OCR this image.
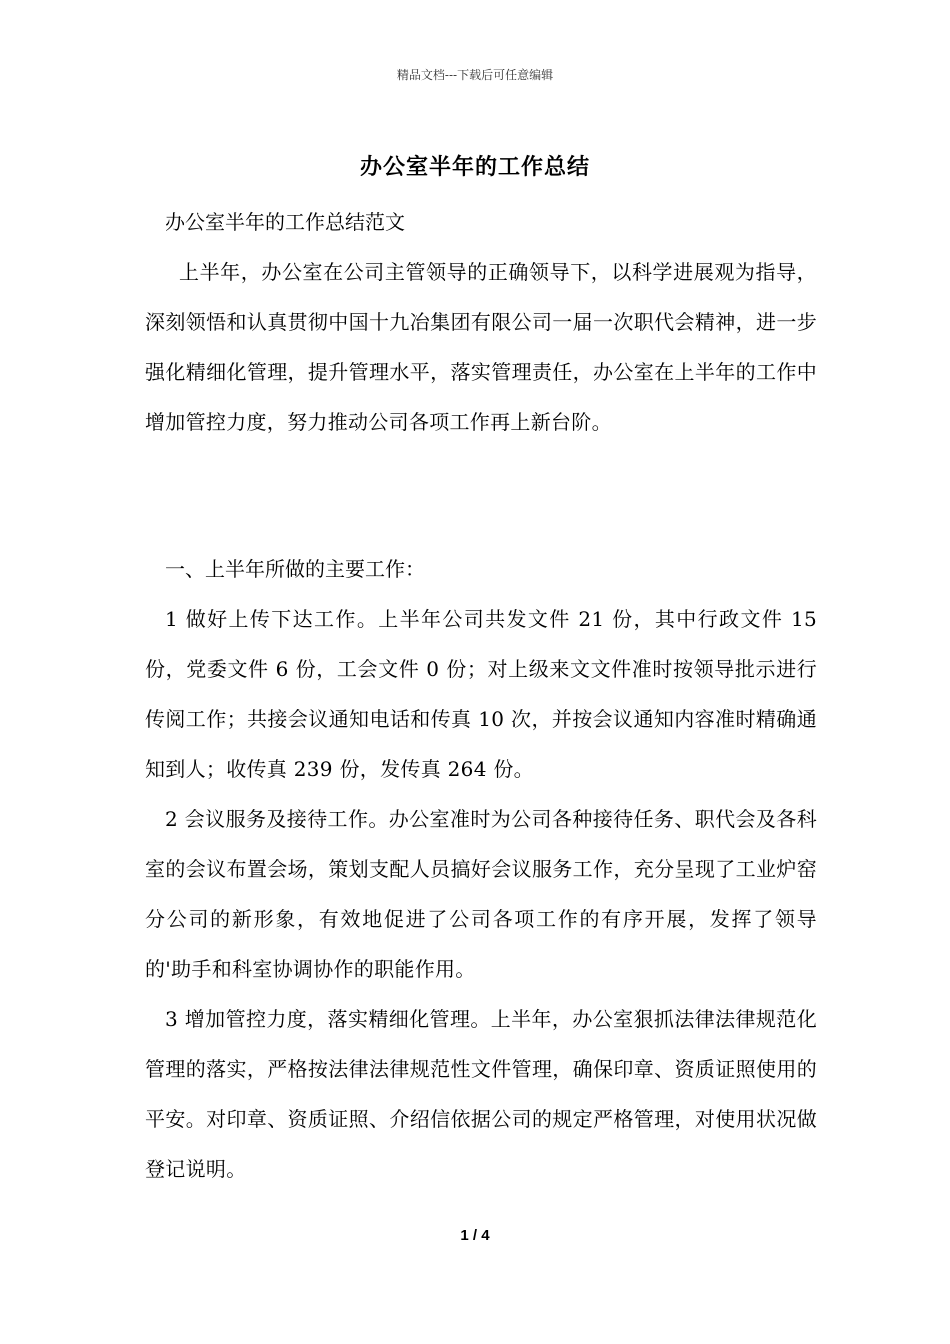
精品文档---下载后可任意编辑
办公室半年的工作总结
办公室半年的工作总结范文
上半年，办公室在公司主管领导的正确领导下，以科学进展观为指导，深刻领悟和认真贯彻中国十九冶集团有限公司一届一次职代会精神，进一步强化精细化管理，提升管理水平，落实管理责任，办公室在上半年的工作中增加管控力度，努力推动公司各项工作再上新台阶。
一、上半年所做的主要工作：
1 做好上传下达工作。上半年公司共发文件 21 份，其中行政文件 15 份，党委文件 6 份，工会文件 0 份；对上级来文文件准时按领导批示进行传阅工作；共接会议通知电话和传真 10 次，并按会议通知内容准时精确通知到人；收传真 239 份，发传真 264 份。
2 会议服务及接待工作。办公室准时为公司各种接待任务、职代会及各科室的会议布置会场，策划支配人员搞好会议服务工作，充分呈现了工业炉窑分公司的新形象，有效地促进了公司各项工作的有序开展，发挥了领导的'助手和科室协调协作的职能作用。
3 增加管控力度，落实精细化管理。上半年，办公室狠抓法律法律规范化管理的落实，严格按法律法律规范性文件管理，确保印章、资质证照使用的平安。对印章、资质证照、介绍信依据公司的规定严格管理，对使用状况做登记说明。
1 / 4
